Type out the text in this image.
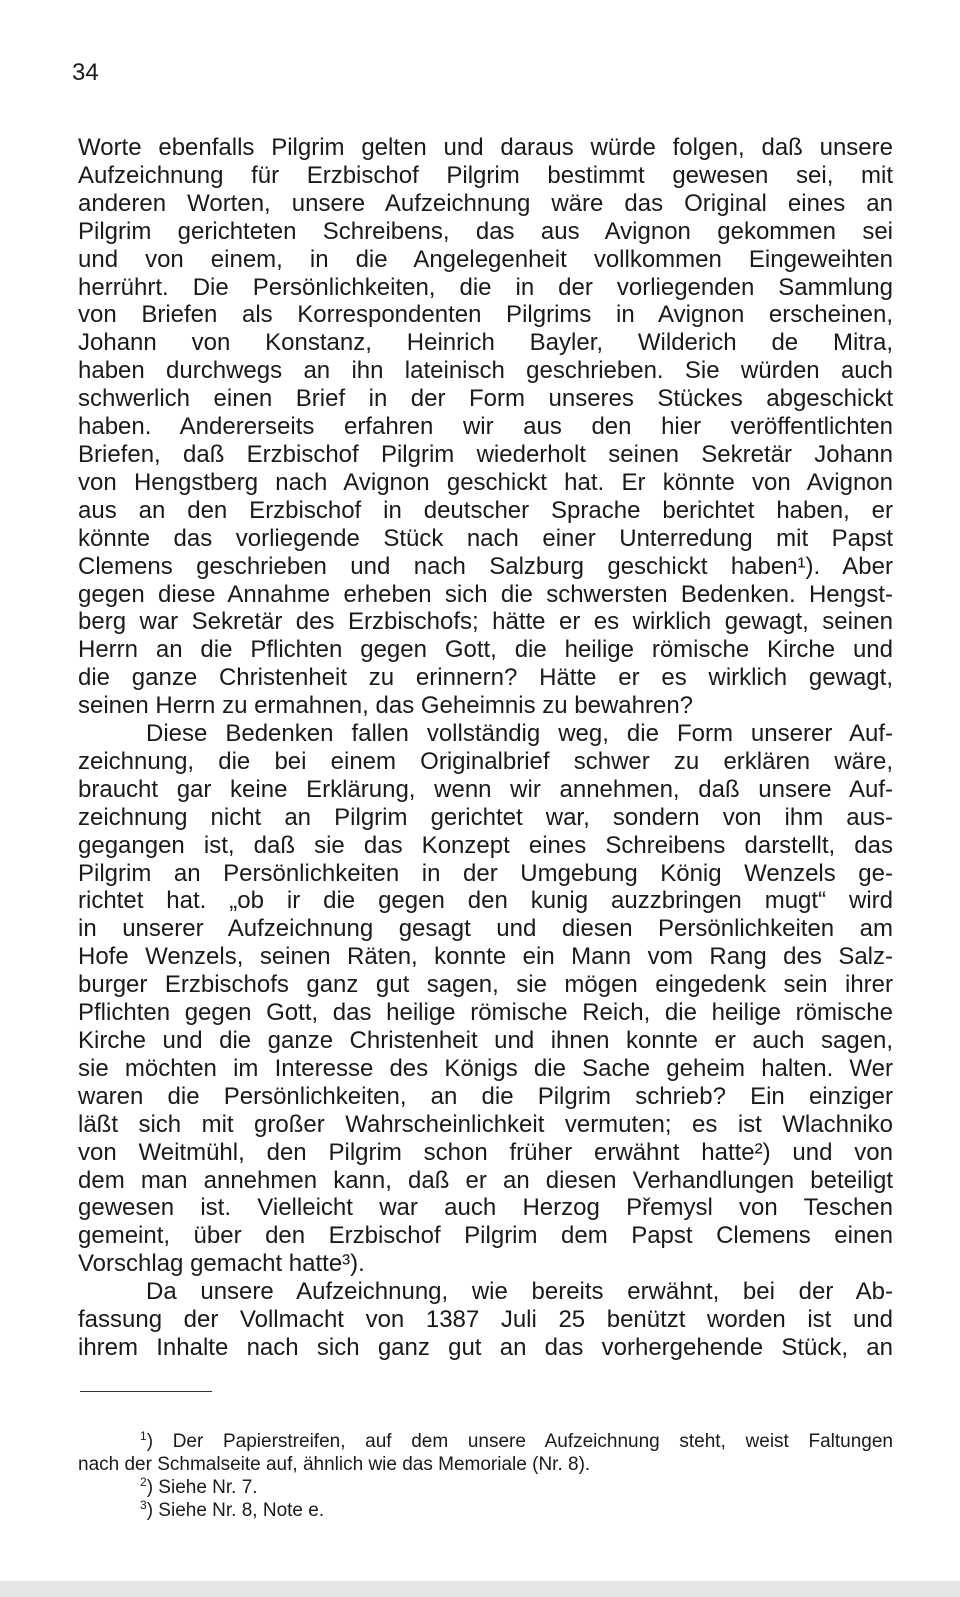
34
Worte ebenfalls Pilgrim gelten und daraus würde folgen, daß unsere
Aufzeichnung für Erzbischof Pilgrim bestimmt gewesen sei, mit
anderen Worten, unsere Aufzeichnung wäre das Original eines an
Pilgrim gerichteten Schreibens, das aus Avignon gekommen sei
und von einem, in die Angelegenheit vollkommen Eingeweihten
herrührt. Die Persönlichkeiten, die in der vorliegenden Sammlung
von Briefen als Korrespondenten Pilgrims in Avignon erscheinen,
Johann von Konstanz, Heinrich Bayler, Wilderich de Mitra,
haben durchwegs an ihn lateinisch geschrieben. Sie würden auch
schwerlich einen Brief in der Form unseres Stückes abgeschickt
haben. Andererseits erfahren wir aus den hier veröffentlichten
Briefen, daß Erzbischof Pilgrim wiederholt seinen Sekretär Johann
von Hengstberg nach Avignon geschickt hat. Er könnte von Avignon
aus an den Erzbischof in deutscher Sprache berichtet haben, er
könnte das vorliegende Stück nach einer Unterredung mit Papst
Clemens geschrieben und nach Salzburg geschickt haben¹). Aber
gegen diese Annahme erheben sich die schwersten Bedenken. Hengst-
berg war Sekretär des Erzbischofs; hätte er es wirklich gewagt, seinen
Herrn an die Pflichten gegen Gott, die heilige römische Kirche und
die ganze Christenheit zu erinnern? Hätte er es wirklich gewagt,
seinen Herrn zu ermahnen, das Geheimnis zu bewahren?
Diese Bedenken fallen vollständig weg, die Form unserer Auf-
zeichnung, die bei einem Originalbrief schwer zu erklären wäre,
braucht gar keine Erklärung, wenn wir annehmen, daß unsere Auf-
zeichnung nicht an Pilgrim gerichtet war, sondern von ihm aus-
gegangen ist, daß sie das Konzept eines Schreibens darstellt, das
Pilgrim an Persönlichkeiten in der Umgebung König Wenzels ge-
richtet hat. „ob ir die gegen den kunig auzzbringen mugt“ wird
in unserer Aufzeichnung gesagt und diesen Persönlichkeiten am
Hofe Wenzels, seinen Räten, konnte ein Mann vom Rang des Salz-
burger Erzbischofs ganz gut sagen, sie mögen eingedenk sein ihrer
Pflichten gegen Gott, das heilige römische Reich, die heilige römische
Kirche und die ganze Christenheit und ihnen konnte er auch sagen,
sie möchten im Interesse des Königs die Sache geheim halten. Wer
waren die Persönlichkeiten, an die Pilgrim schrieb? Ein einziger
läßt sich mit großer Wahrscheinlichkeit vermuten; es ist Wlachniko
von Weitmühl, den Pilgrim schon früher erwähnt hatte²) und von
dem man annehmen kann, daß er an diesen Verhandlungen beteiligt
gewesen ist. Vielleicht war auch Herzog Přemysl von Teschen
gemeint, über den Erzbischof Pilgrim dem Papst Clemens einen
Vorschlag gemacht hatte³).
Da unsere Aufzeichnung, wie bereits erwähnt, bei der Ab-
fassung der Vollmacht von 1387 Juli 25 benützt worden ist und
ihrem Inhalte nach sich ganz gut an das vorhergehende Stück, an
$^1$) Der Papierstreifen, auf dem unsere Aufzeichnung steht, weist Faltungen
nach der Schmalseite auf, ähnlich wie das Memoriale (Nr. 8).
$^2$) Siehe Nr. 7.
$^3$) Siehe Nr. 8, Note e.
